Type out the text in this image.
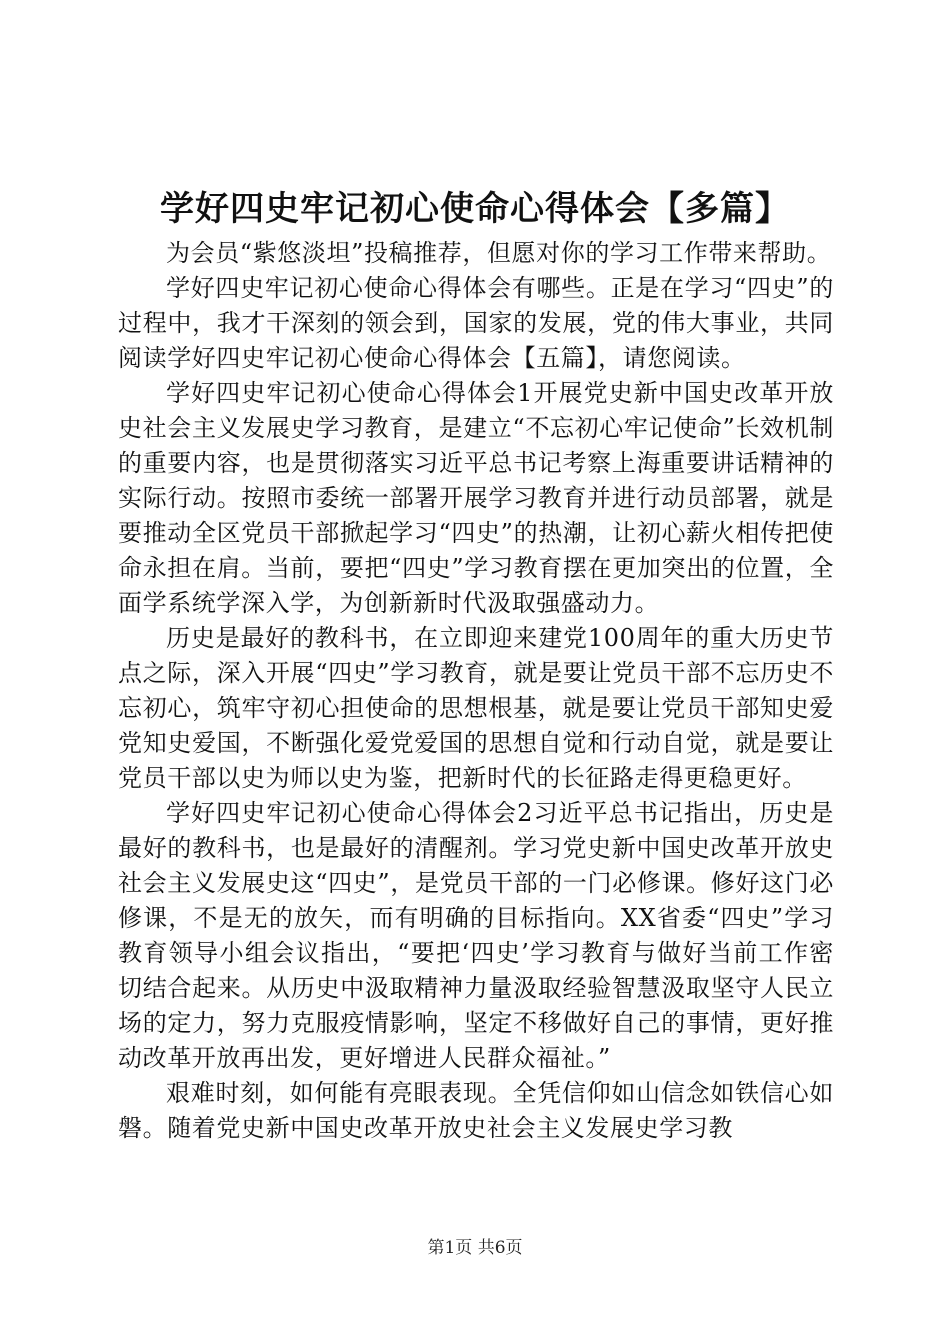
学好四史牢记初心使命心得体会【多篇】

为会员“紫悠淡坦”投稿推荐，但愿对你的学习工作带来帮助。

学好四史牢记初心使命心得体会有哪些。正是在学习“四史”的过程中，我才干深刻的领会到，国家的发展，党的伟大事业，共同阅读学好四史牢记初心使命心得体会【五篇】，请您阅读。

学好四史牢记初心使命心得体会1开展党史新中国史改革开放史社会主义发展史学习教育，是建立“不忘初心牢记使命”长效机制的重要内容，也是贯彻落实习近平总书记考察上海重要讲话精神的实际行动。按照市委统一部署开展学习教育并进行动员部署，就是要推动全区党员干部掀起学习“四史”的热潮，让初心薪火相传把使命永担在肩。当前，要把“四史”学习教育摆在更加突出的位置，全面学系统学深入学，为创新新时代汲取强盛动力。

历史是最好的教科书，在立即迎来建党100周年的重大历史节点之际，深入开展“四史”学习教育，就是要让党员干部不忘历史不忘初心，筑牢守初心担使命的思想根基，就是要让党员干部知史爱党知史爱国，不断强化爱党爱国的思想自觉和行动自觉，就是要让党员干部以史为师以史为鉴，把新时代的长征路走得更稳更好。

学好四史牢记初心使命心得体会2习近平总书记指出，历史是最好的教科书，也是最好的清醒剂。学习党史新中国史改革开放史社会主义发展史这“四史”，是党员干部的一门必修课。修好这门必修课，不是无的放矢，而有明确的目标指向。XX省委“四史”学习教育领导小组会议指出，“要把‘四史’学习教育与做好当前工作密切结合起来。从历史中汲取精神力量汲取经验智慧汲取坚守人民立场的定力，努力克服疫情影响，坚定不移做好自己的事情，更好推动改革开放再出发，更好增进人民群众福祉。”

艰难时刻，如何能有亮眼表现。全凭信仰如山信念如铁信心如磐。随着党史新中国史改革开放史社会主义发展史学习教

第1页 共6页
